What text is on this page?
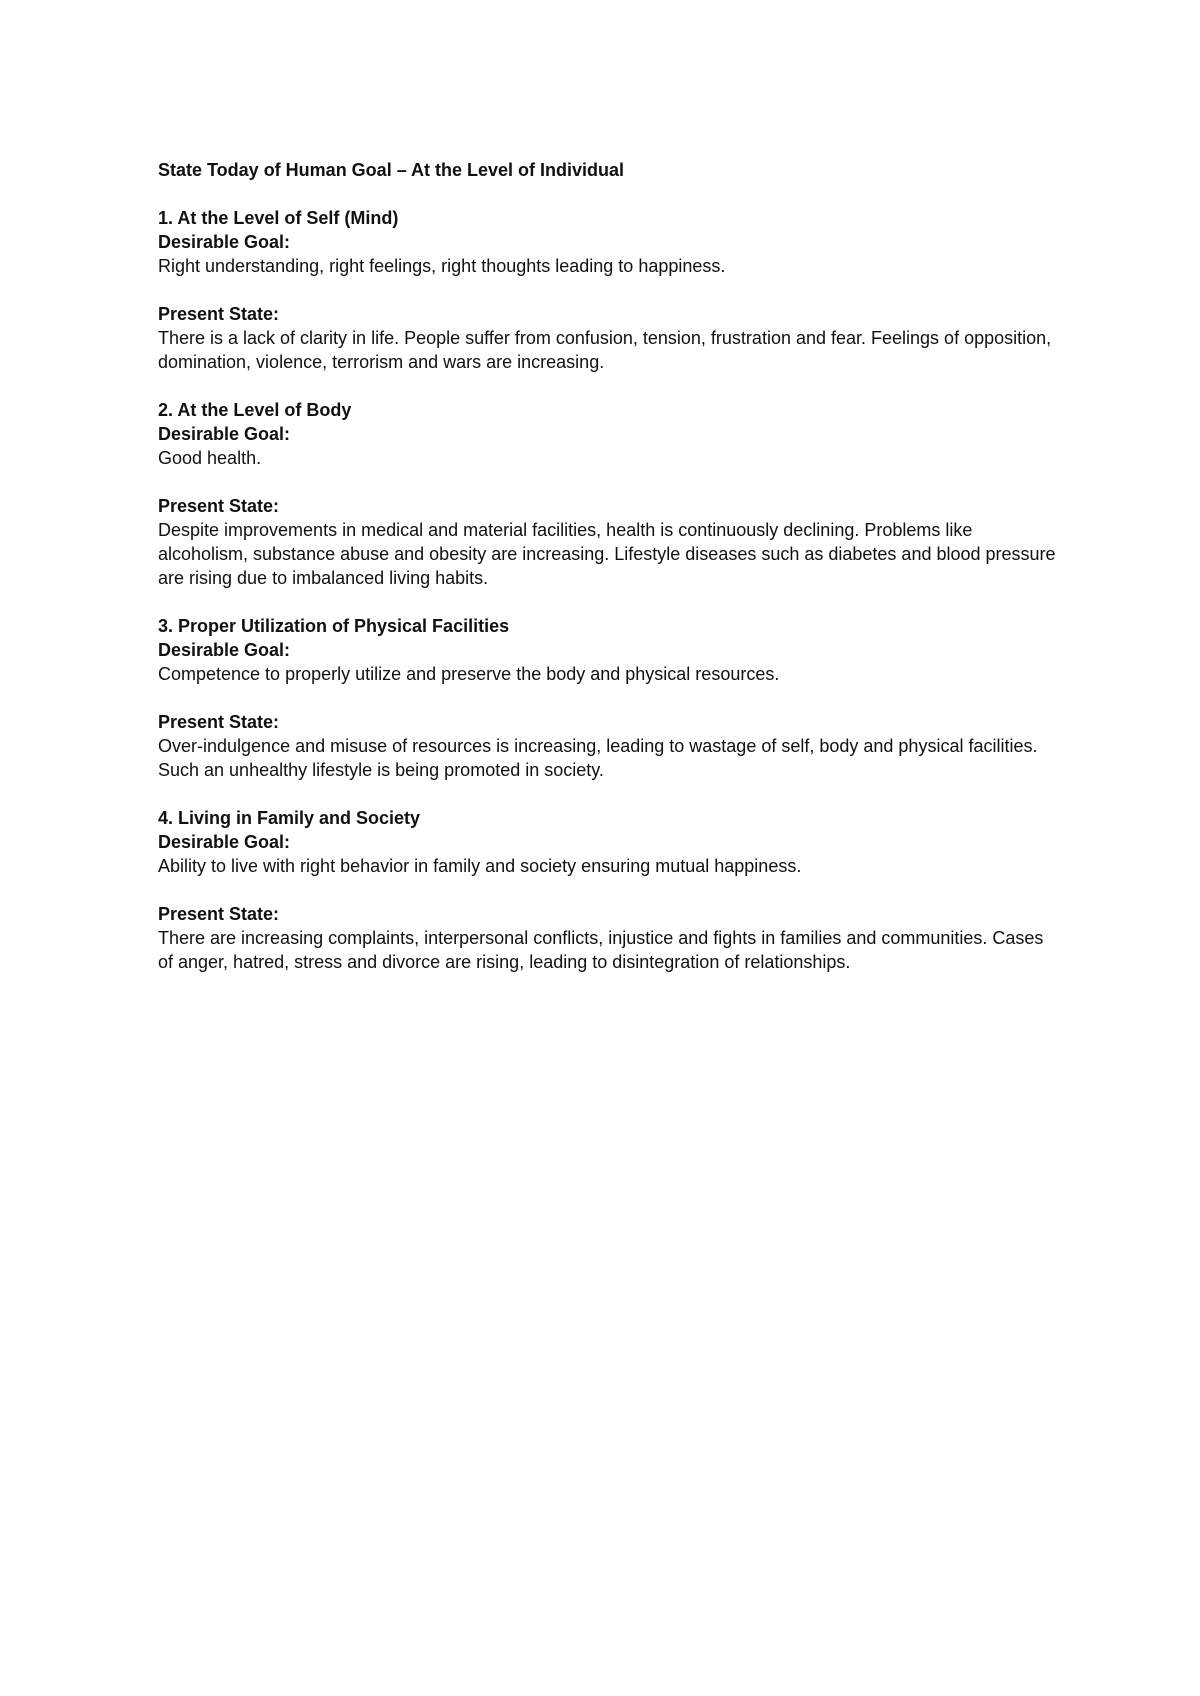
State Today of Human Goal – At the Level of Individual
1. At the Level of Self (Mind)
Desirable Goal:
Right understanding, right feelings, right thoughts leading to happiness.
Present State:
There is a lack of clarity in life. People suffer from confusion, tension, frustration and fear. Feelings of opposition, domination, violence, terrorism and wars are increasing.
2. At the Level of Body
Desirable Goal:
Good health.
Present State:
Despite improvements in medical and material facilities, health is continuously declining. Problems like alcoholism, substance abuse and obesity are increasing. Lifestyle diseases such as diabetes and blood pressure are rising due to imbalanced living habits.
3. Proper Utilization of Physical Facilities
Desirable Goal:
Competence to properly utilize and preserve the body and physical resources.
Present State:
Over-indulgence and misuse of resources is increasing, leading to wastage of self, body and physical facilities. Such an unhealthy lifestyle is being promoted in society.
4. Living in Family and Society
Desirable Goal:
Ability to live with right behavior in family and society ensuring mutual happiness.
Present State:
There are increasing complaints, interpersonal conflicts, injustice and fights in families and communities. Cases of anger, hatred, stress and divorce are rising, leading to disintegration of relationships.
